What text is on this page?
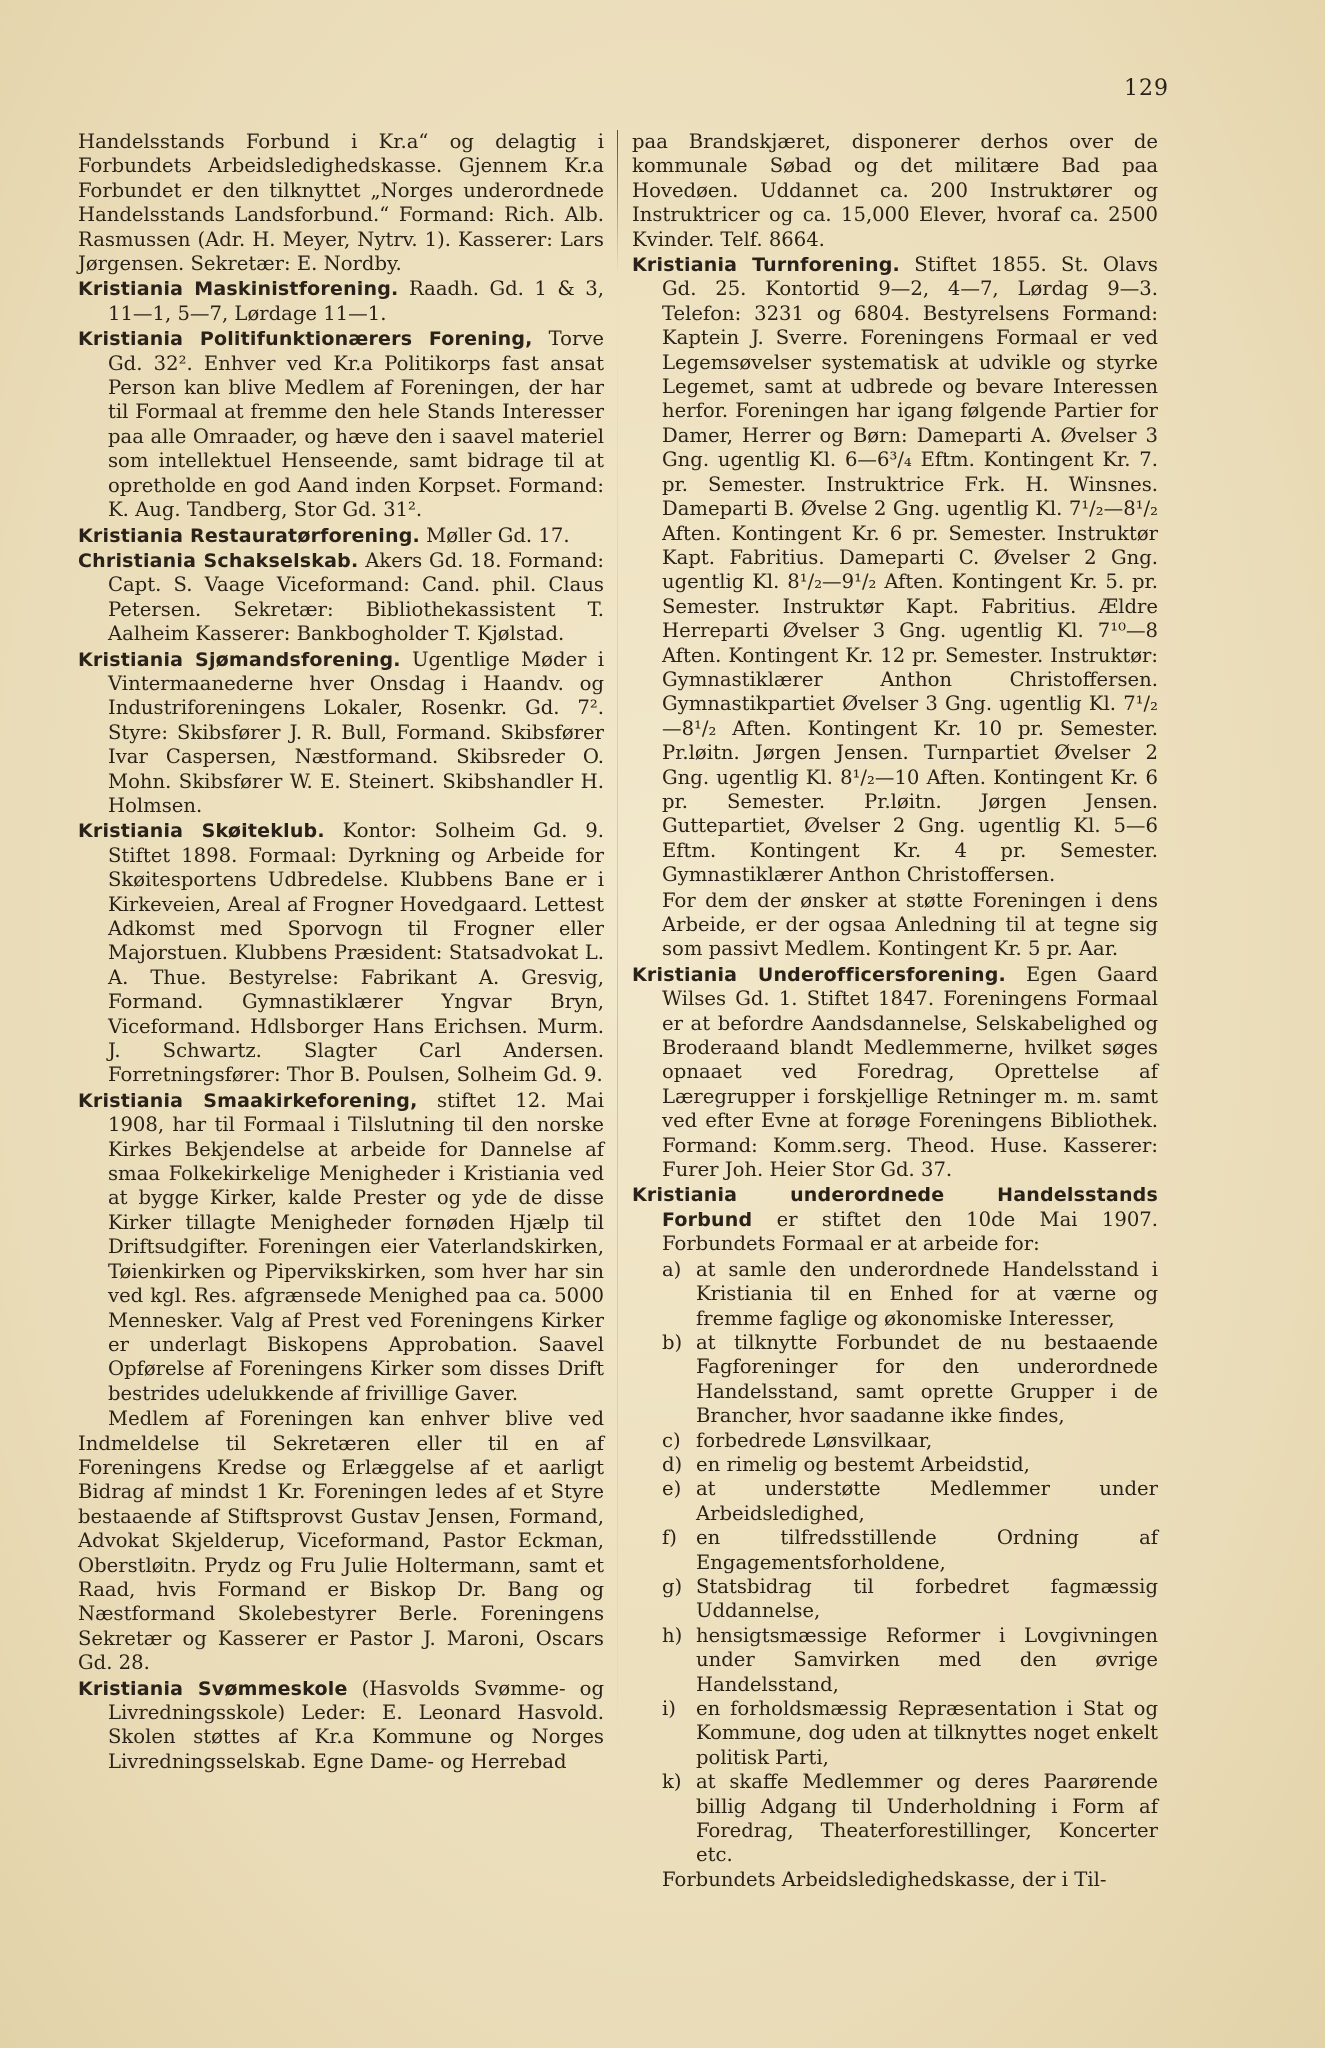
129

Handelsstands Forbund i Kr.a“ og delagtig i Forbundets Arbeidsledighedskasse. Gjennem Kr.a Forbundet er den tilknyttet „Norges underordnede Handelsstands Landsforbund.“ Formand: Rich. Alb. Rasmussen (Adr. H. Meyer, Nytrv. 1). Kasserer: Lars Jørgensen. Sekretær: E. Nordby.

Kristiania Maskinistforening. Raadh. Gd. 1 & 3, 11—1, 5—7, Lørdage 11—1.

Kristiania Politifunktionærers Forening, Torve Gd. 32². Enhver ved Kr.a Politikorps fast ansat Person kan blive Medlem af Foreningen, der har til Formaal at fremme den hele Stands Interesser paa alle Omraader, og hæve den i saavel materiel som intellektuel Henseende, samt bidrage til at opretholde en god Aand inden Korpset. Formand: K. Aug. Tandberg, Stor Gd. 31².

Kristiania Restauratørforening. Møller Gd. 17.

Christiania Schakselskab. Akers Gd. 18. Formand: Capt. S. Vaage Viceformand: Cand. phil. Claus Petersen. Sekretær: Bibliothekassistent T. Aalheim Kasserer: Bankbogholder T. Kjølstad.

Kristiania Sjømandsforening. Ugentlige Møder i Vintermaanederne hver Onsdag i Haandv. og Industriforeningens Lokaler, Rosenkr. Gd. 7². Styre: Skibsfører J. R. Bull, Formand. Skibsfører Ivar Caspersen, Næstformand. Skibsreder O. Mohn. Skibsfører W. E. Steinert. Skibshandler H. Holmsen.

Kristiania Skøiteklub. Kontor: Solheim Gd. 9. Stiftet 1898. Formaal: Dyrkning og Arbeide for Skøitesportens Udbredelse. Klubbens Bane er i Kirkeveien, Areal af Frogner Hovedgaard. Lettest Adkomst med Sporvogn til Frogner eller Majorstuen. Klubbens Præsident: Statsadvokat L. A. Thue. Bestyrelse: Fabrikant A. Gresvig, Formand. Gymnastiklærer Yngvar Bryn, Viceformand. Hdlsborger Hans Erichsen. Murm. J. Schwartz. Slagter Carl Andersen. Forretningsfører: Thor B. Poulsen, Solheim Gd. 9.

Kristiania Smaakirkeforening, stiftet 12. Mai 1908, har til Formaal i Tilslutning til den norske Kirkes Bekjendelse at arbeide for Dannelse af smaa Folkekirkelige Menigheder i Kristiania ved at bygge Kirker, kalde Prester og yde de disse Kirker tillagte Menigheder fornøden Hjælp til Driftsudgifter. Foreningen eier Vaterlandskirken, Tøienkirken og Pipervikskirken, som hver har sin ved kgl. Res. afgrænsede Menighed paa ca. 5000 Mennesker. Valg af Prest ved Foreningens Kirker er underlagt Biskopens Approbation. Saavel Opførelse af Foreningens Kirker som disses Drift bestrides udelukkende af frivillige Gaver.

Medlem af Foreningen kan enhver blive ved Indmeldelse til Sekretæren eller til en af Foreningens Kredse og Erlæggelse af et aarligt Bidrag af mindst 1 Kr. Foreningen ledes af et Styre bestaaende af Stiftsprovst Gustav Jensen, Formand, Advokat Skjelderup, Viceformand, Pastor Eckman, Oberstløitn. Prydz og Fru Julie Holtermann, samt et Raad, hvis Formand er Biskop Dr. Bang og Næstformand Skolebestyrer Berle. Foreningens Sekretær og Kasserer er Pastor J. Maroni, Oscars Gd. 28.

Kristiania Svømmeskole (Hasvolds Svømme- og Livredningsskole) Leder: E. Leonard Hasvold. Skolen støttes af Kr.a Kommune og Norges Livredningsselskab. Egne Dame- og Herrebad

paa Brandskjæret, disponerer derhos over de kommunale Søbad og det militære Bad paa Hovedøen. Uddannet ca. 200 Instruktører og Instruktricer og ca. 15,000 Elever, hvoraf ca. 2500 Kvinder. Telf. 8664.

Kristiania Turnforening. Stiftet 1855. St. Olavs Gd. 25. Kontortid 9—2, 4—7, Lørdag 9—3. Telefon: 3231 og 6804. Bestyrelsens Formand: Kaptein J. Sverre. Foreningens Formaal er ved Legemsøvelser systematisk at udvikle og styrke Legemet, samt at udbrede og bevare Interessen herfor. Foreningen har igang følgende Partier for Damer, Herrer og Børn: Dameparti A. Øvelser 3 Gng. ugentlig Kl. 6—6³/₄ Eftm. Kontingent Kr. 7. pr. Semester. Instruktrice Frk. H. Winsnes. Dameparti B. Øvelse 2 Gng. ugentlig Kl. 7¹/₂—8¹/₂ Aften. Kontingent Kr. 6 pr. Semester. Instruktør Kapt. Fabritius. Dameparti C. Øvelser 2 Gng. ugentlig Kl. 8¹/₂—9¹/₂ Aften. Kontingent Kr. 5. pr. Semester. Instruktør Kapt. Fabritius. Ældre Herreparti Øvelser 3 Gng. ugentlig Kl. 7¹⁰—8 Aften. Kontingent Kr. 12 pr. Semester. Instruktør: Gymnastiklærer Anthon Christoffersen. Gymnastikpartiet Øvelser 3 Gng. ugentlig Kl. 7¹/₂—8¹/₂ Aften. Kontingent Kr. 10 pr. Semester. Pr.løitn. Jørgen Jensen. Turnpartiet Øvelser 2 Gng. ugentlig Kl. 8¹/₂—10 Aften. Kontingent Kr. 6 pr. Semester. Pr.løitn. Jørgen Jensen. Guttepartiet, Øvelser 2 Gng. ugentlig Kl. 5—6 Eftm. Kontingent Kr. 4 pr. Semester. Gymnastiklærer Anthon Christoffersen.

For dem der ønsker at støtte Foreningen i dens Arbeide, er der ogsaa Anledning til at tegne sig som passivt Medlem. Kontingent Kr. 5 pr. Aar.

Kristiania Underofficersforening. Egen Gaard Wilses Gd. 1. Stiftet 1847. Foreningens Formaal er at befordre Aandsdannelse, Selskabelighed og Broderaand blandt Medlemmerne, hvilket søges opnaaet ved Foredrag, Oprettelse af Læregrupper i forskjellige Retninger m. m. samt ved efter Evne at forøge Foreningens Bibliothek. Formand: Komm.serg. Theod. Huse. Kasserer: Furer Joh. Heier Stor Gd. 37.

Kristiania underordnede Handelsstands Forbund er stiftet den 10de Mai 1907. Forbundets Formaal er at arbeide for:

a) at samle den underordnede Handelsstand i Kristiania til en Enhed for at værne og fremme faglige og økonomiske Interesser,
b) at tilknytte Forbundet de nu bestaaende Fagforeninger for den underordnede Handelsstand, samt oprette Grupper i de Brancher, hvor saadanne ikke findes,
c) forbedrede Lønsvilkaar,
d) en rimelig og bestemt Arbeidstid,
e) at understøtte Medlemmer under Arbeidsledighed,
f) en tilfredsstillende Ordning af Engagementsforholdene,
g) Statsbidrag til forbedret fagmæssig Uddannelse,
h) hensigtsmæssige Reformer i Lovgivningen under Samvirken med den øvrige Handelsstand,
i) en forholdsmæssig Repræsentation i Stat og Kommune, dog uden at tilknyttes noget enkelt politisk Parti,
k) at skaffe Medlemmer og deres Paarørende billig Adgang til Underholdning i Form af Foredrag, Theaterforestillinger, Koncerter etc.

Forbundets Arbeidsledighedskasse, der i Til-
